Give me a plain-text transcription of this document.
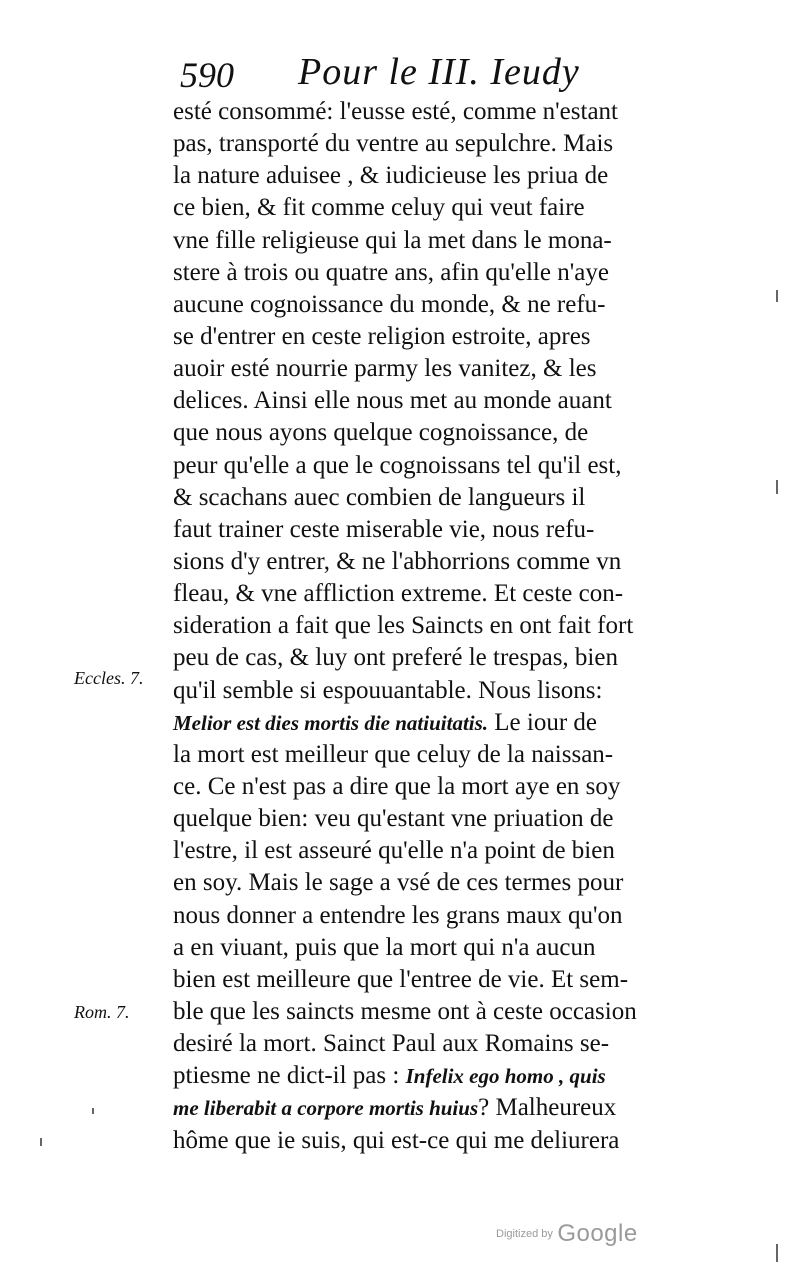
590 Pour le III. Ieudy
esté consommé: l'eusse esté, comme n'estant
pas, transporté du ventre au sepulchre. Mais
la nature aduisee , & iudicieuse les priua de
ce bien, & fit comme celuy qui veut faire
vne fille religieuse qui la met dans le mona-
stere à trois ou quatre ans, afin qu'elle n'aye
aucune cognoissance du monde, & ne refu-
se d'entrer en ceste religion estroite, apres
auoir esté nourrie parmy les vanitez, & les
delices. Ainsi elle nous met au monde auant
que nous ayons quelque cognoissance, de
peur qu'elle a que le cognoissans tel qu'il est,
& scachans auec combien de langueurs il
faut trainer ceste miserable vie, nous refu-
sions d'y entrer, & ne l'abhorrions comme vn
fleau, & vne affliction extreme. Et ceste con-
sideration a fait que les Saincts en ont fait fort
peu de cas, & luy ont preferé le trespas, bien
qu'il semble si espouuantable. Nous lisons:
Melior est dies mortis die natiuitatis. Le iour de
la mort est meilleur que celuy de la naissan-
ce. Ce n'est pas a dire que la mort aye en soy
quelque bien: veu qu'estant vne priuation de
l'estre, il est asseuré qu'elle n'a point de bien
en soy. Mais le sage a vsé de ces termes pour
nous donner a entendre les grans maux qu'on
a en viuant, puis que la mort qui n'a aucun
bien est meilleure que l'entree de vie. Et sem-
ble que les saincts mesme ont à ceste occasion
desiré la mort. Sainct Paul aux Romains se-
ptiesme ne dict-il pas : Infelix ego homo , quis
me liberabit a corpore mortis huius? Malheureux
hôme que ie suis, qui est-ce qui me deliurera
Eccles. 7.
Rom. 7.
Digitized by Google
